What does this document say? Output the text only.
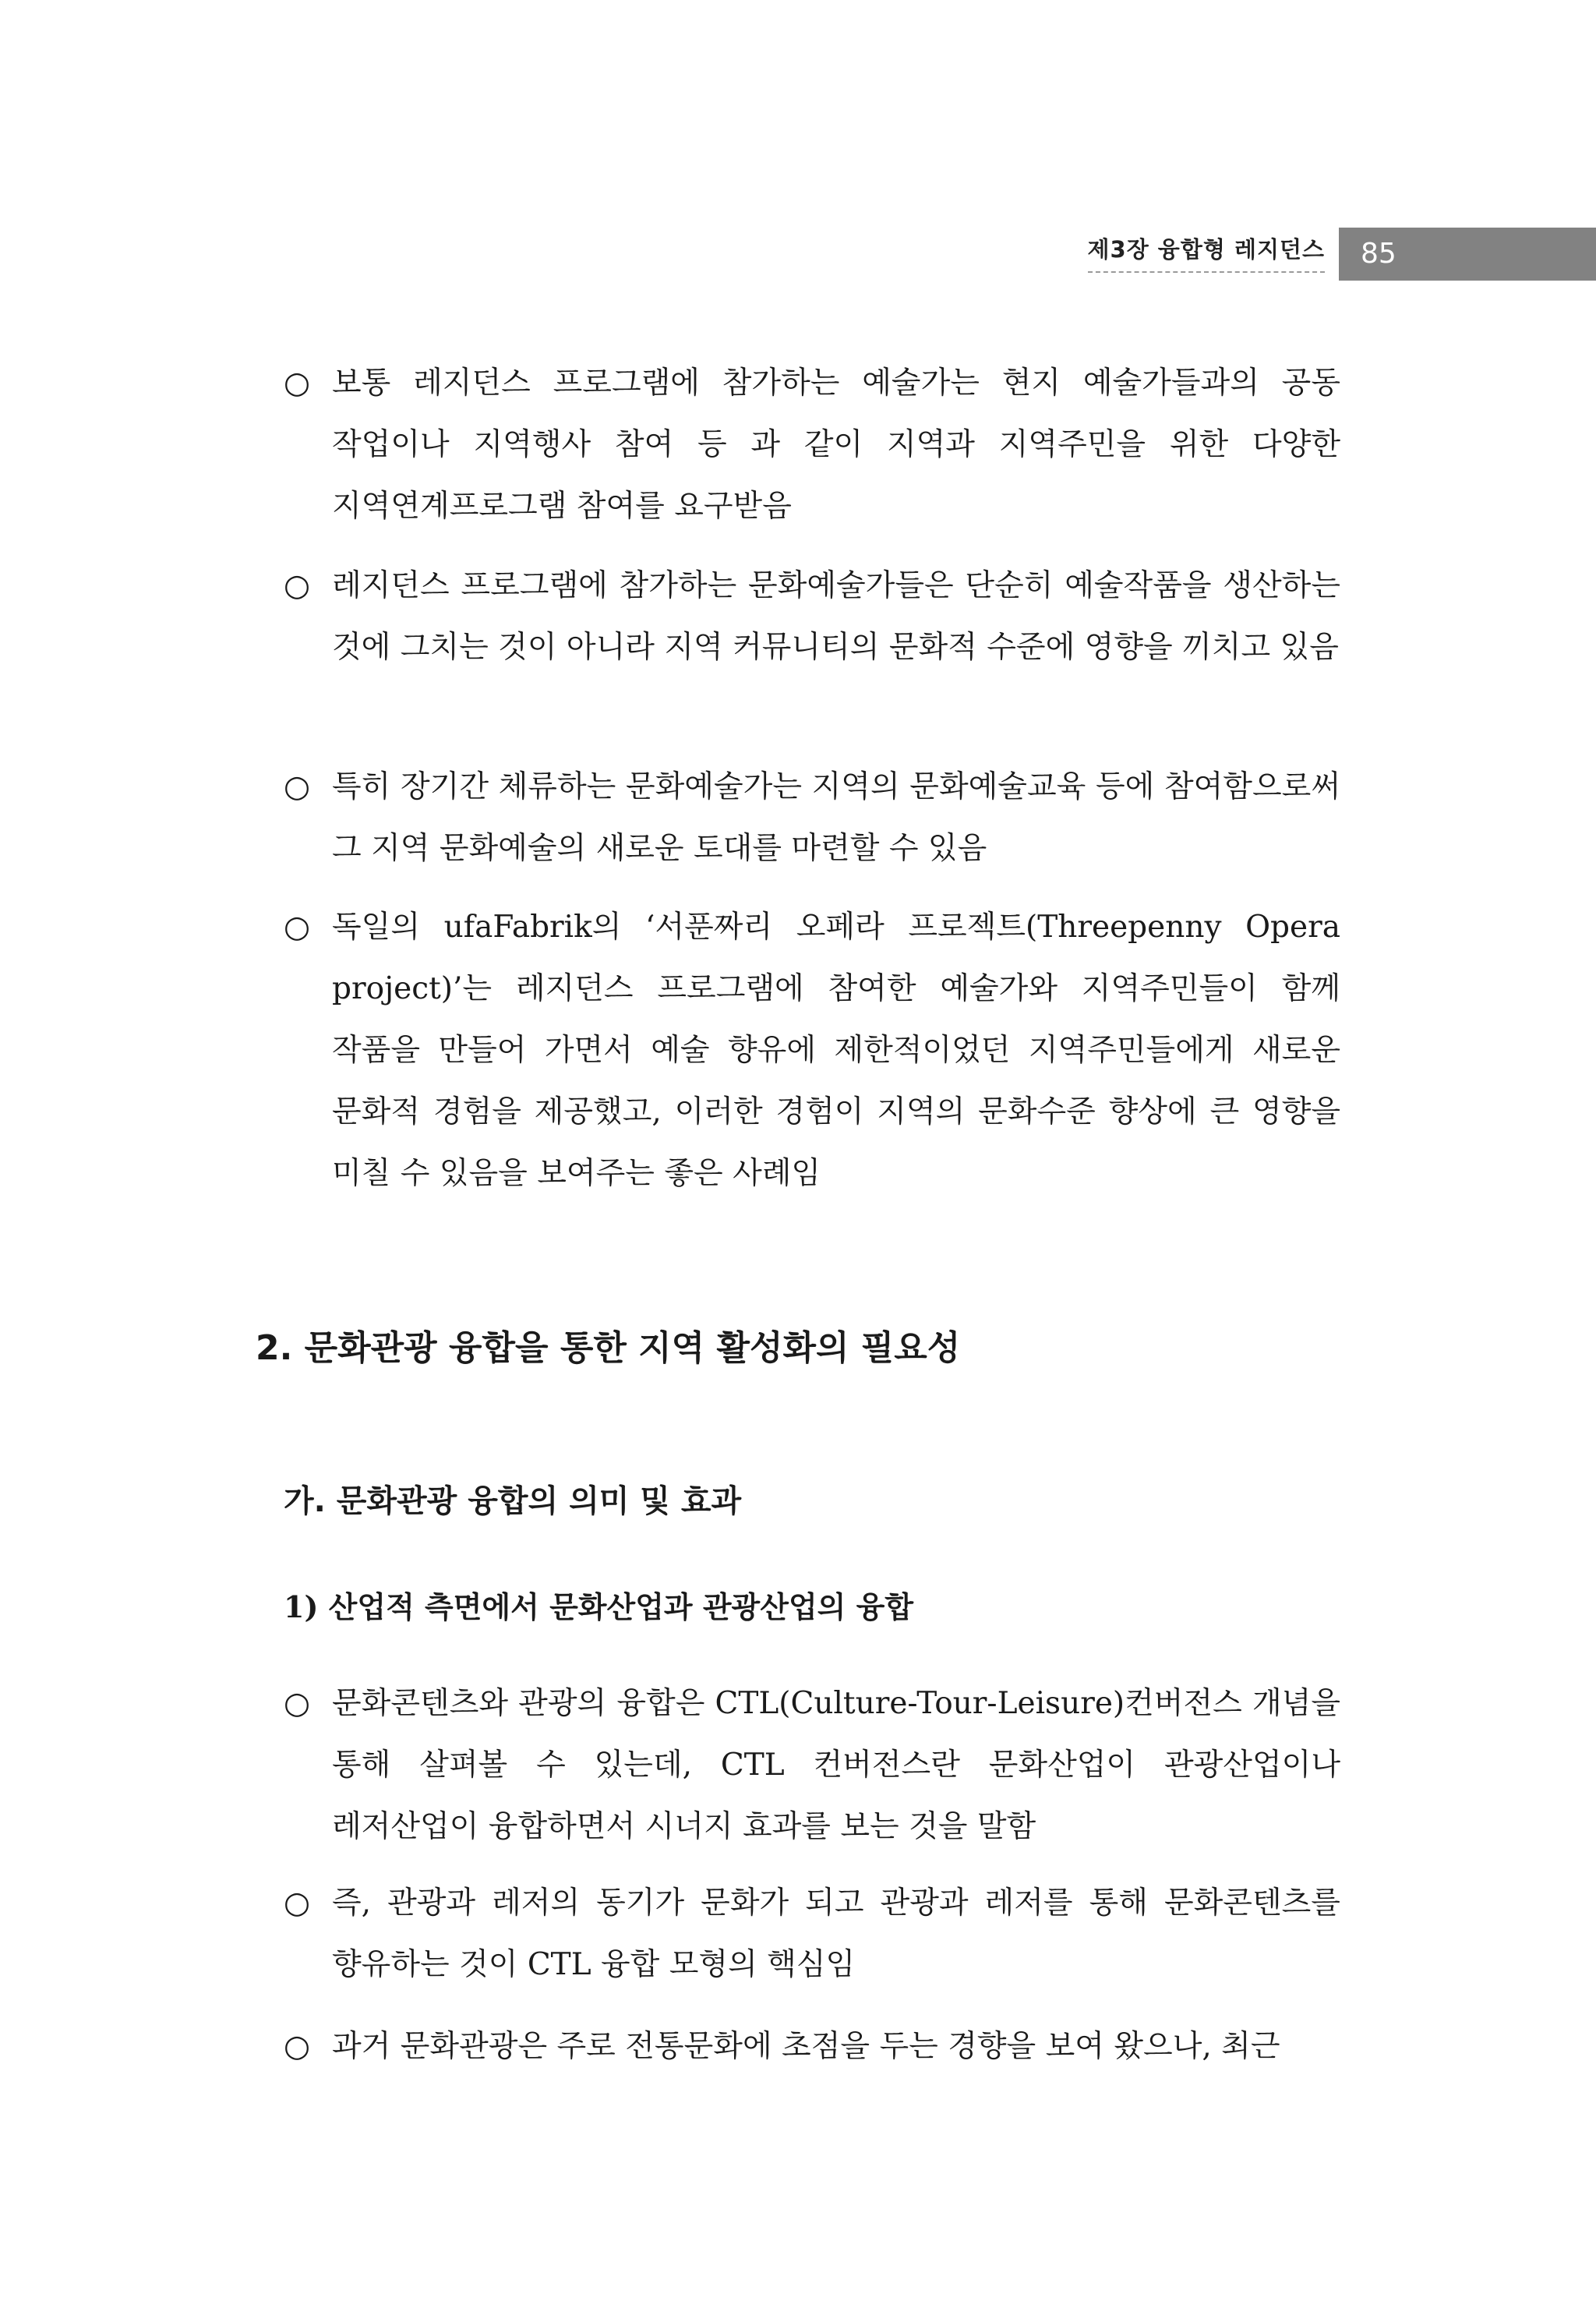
제3장 융합형 레지던스 85
○ 보통 레지던스 프로그램에 참가하는 예술가는 현지 예술가들과의 공동 작업이나 지역행사 참여 등 과 같이 지역과 지역주민을 위한 다양한 지역연계프로그램 참여를 요구받음
○ 레지던스 프로그램에 참가하는 문화예술가들은 단순히 예술작품을 생산하는 것에 그치는 것이 아니라 지역 커뮤니티의 문화적 수준에 영향을 끼치고 있음
○ 특히 장기간 체류하는 문화예술가는 지역의 문화예술교육 등에 참여함으로써 그 지역 문화예술의 새로운 토대를 마련할 수 있음
○ 독일의 ufaFabrik의 ‘서푼짜리 오페라 프로젝트(Threepenny Opera project)’는 레지던스 프로그램에 참여한 예술가와 지역주민들이 함께 작품을 만들어 가면서 예술 향유에 제한적이었던 지역주민들에게 새로운 문화적 경험을 제공했고, 이러한 경험이 지역의 문화수준 향상에 큰 영향을 미칠 수 있음을 보여주는 좋은 사례임
2. 문화관광 융합을 통한 지역 활성화의 필요성
가. 문화관광 융합의 의미 및 효과
1) 산업적 측면에서 문화산업과 관광산업의 융합
○ 문화콘텐츠와 관광의 융합은 CTL(Culture-Tour-Leisure)컨버전스 개념을 통해 살펴볼 수 있는데, CTL 컨버전스란 문화산업이 관광산업이나 레저산업이 융합하면서 시너지 효과를 보는 것을 말함
○ 즉, 관광과 레저의 동기가 문화가 되고 관광과 레저를 통해 문화콘텐츠를 향유하는 것이 CTL 융합 모형의 핵심임
○ 과거 문화관광은 주로 전통문화에 초점을 두는 경향을 보여 왔으나, 최근
